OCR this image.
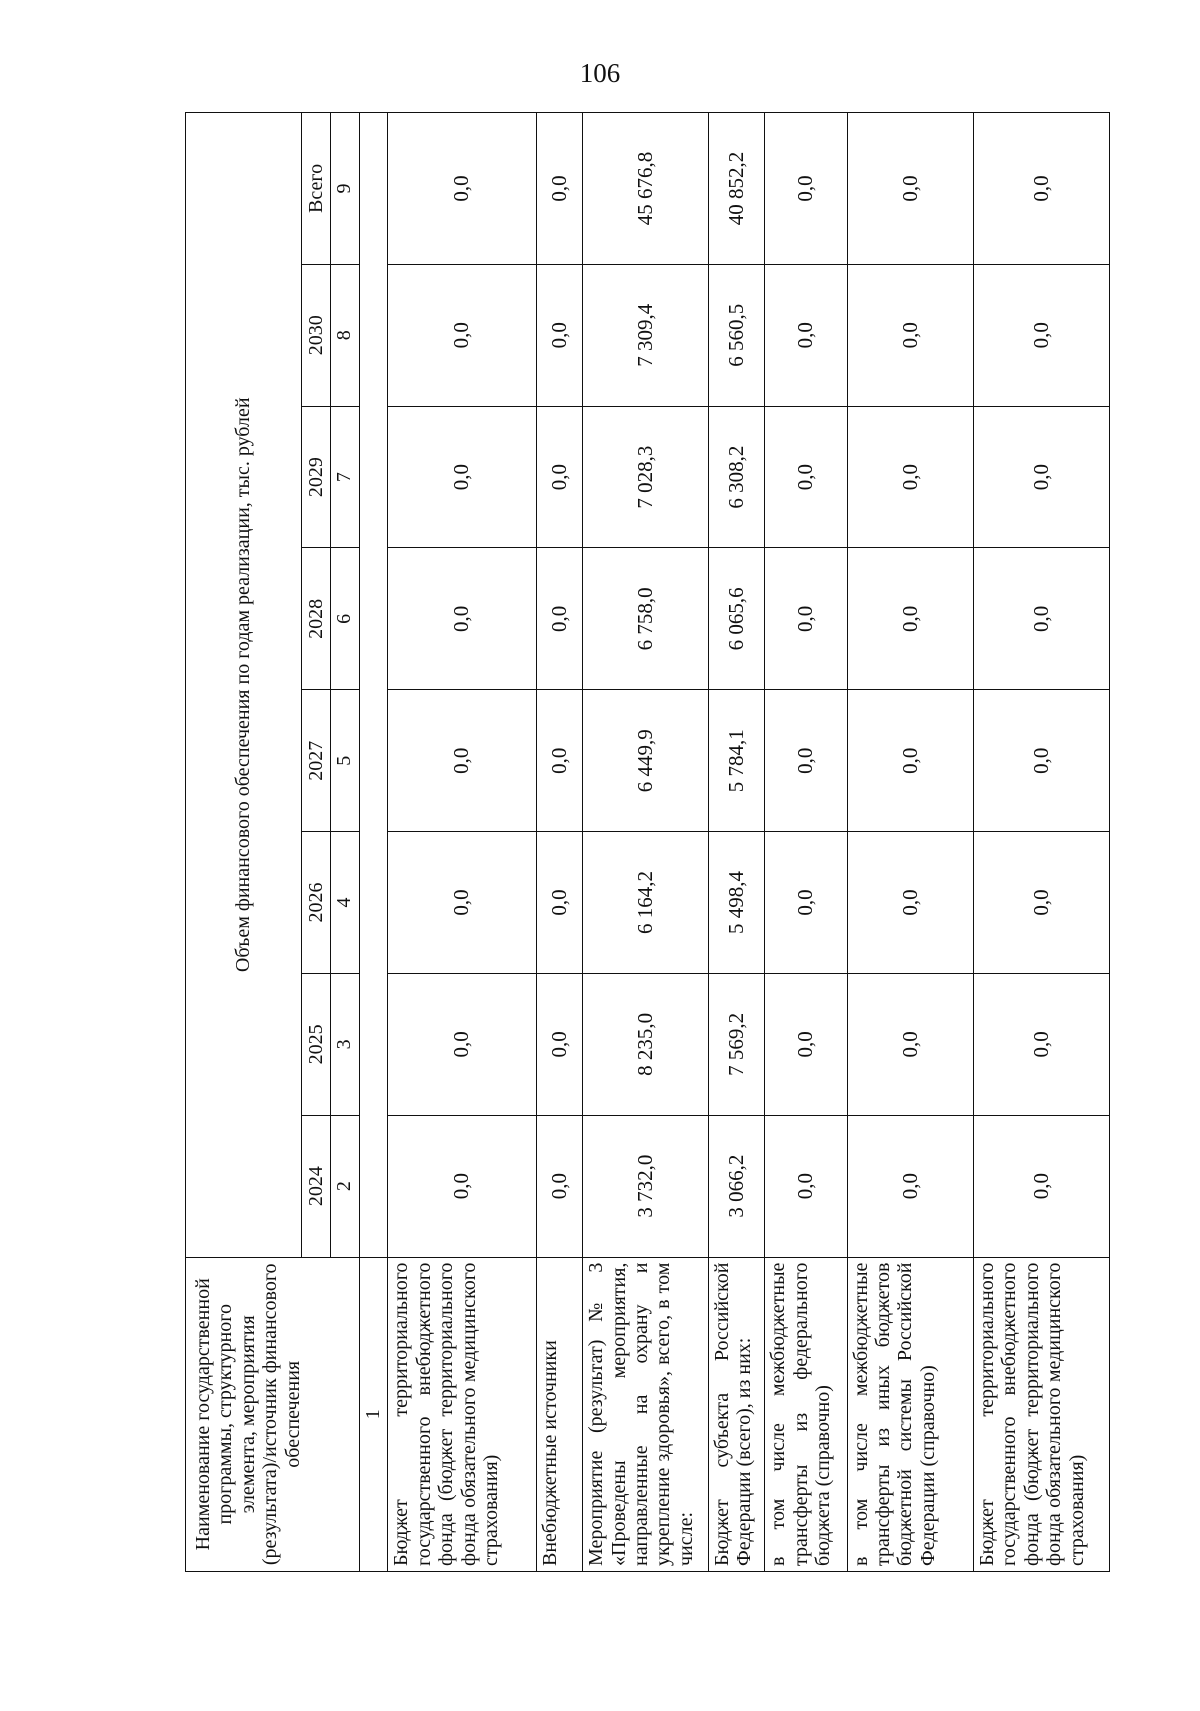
106
Наименование государственной программы, структурного элемента, мероприятия (результата)/источник финансового обеспечения	Объем финансового обеспечения по годам реализации, тыс. рублей							
	2024	2025	2026	2027	2028	2029	2030	Всего
	2	3	4	5	6	7	8	9
1								
Бюджет территориального государственного внебюджетного фонда (бюджет территориального фонда обязательного медицинского страхования)	0,0	0,0	0,0	0,0	0,0	0,0	0,0	0,0
Внебюджетные источники	0,0	0,0	0,0	0,0	0,0	0,0	0,0	0,0
Мероприятие (результат) № 3 «Проведены мероприятия, направленные на охрану и укрепление здоровья», всего, в том числе:	3 732,0	8 235,0	6 164,2	6 449,9	6 758,0	7 028,3	7 309,4	45 676,8
Бюджет субъекта Российской Федерации (всего), из них:	3 066,2	7 569,2	5 498,4	5 784,1	6 065,6	6 308,2	6 560,5	40 852,2
в том числе межбюджетные трансферты из федерального бюджета (справочно)	0,0	0,0	0,0	0,0	0,0	0,0	0,0	0,0
в том числе межбюджетные трансферты из иных бюджетов бюджетной системы Российской Федерации (справочно)	0,0	0,0	0,0	0,0	0,0	0,0	0,0	0,0
Бюджет территориального государственного внебюджетного фонда (бюджет территориального фонда обязательного медицинского страхования)	0,0	0,0	0,0	0,0	0,0	0,0	0,0	0,0
